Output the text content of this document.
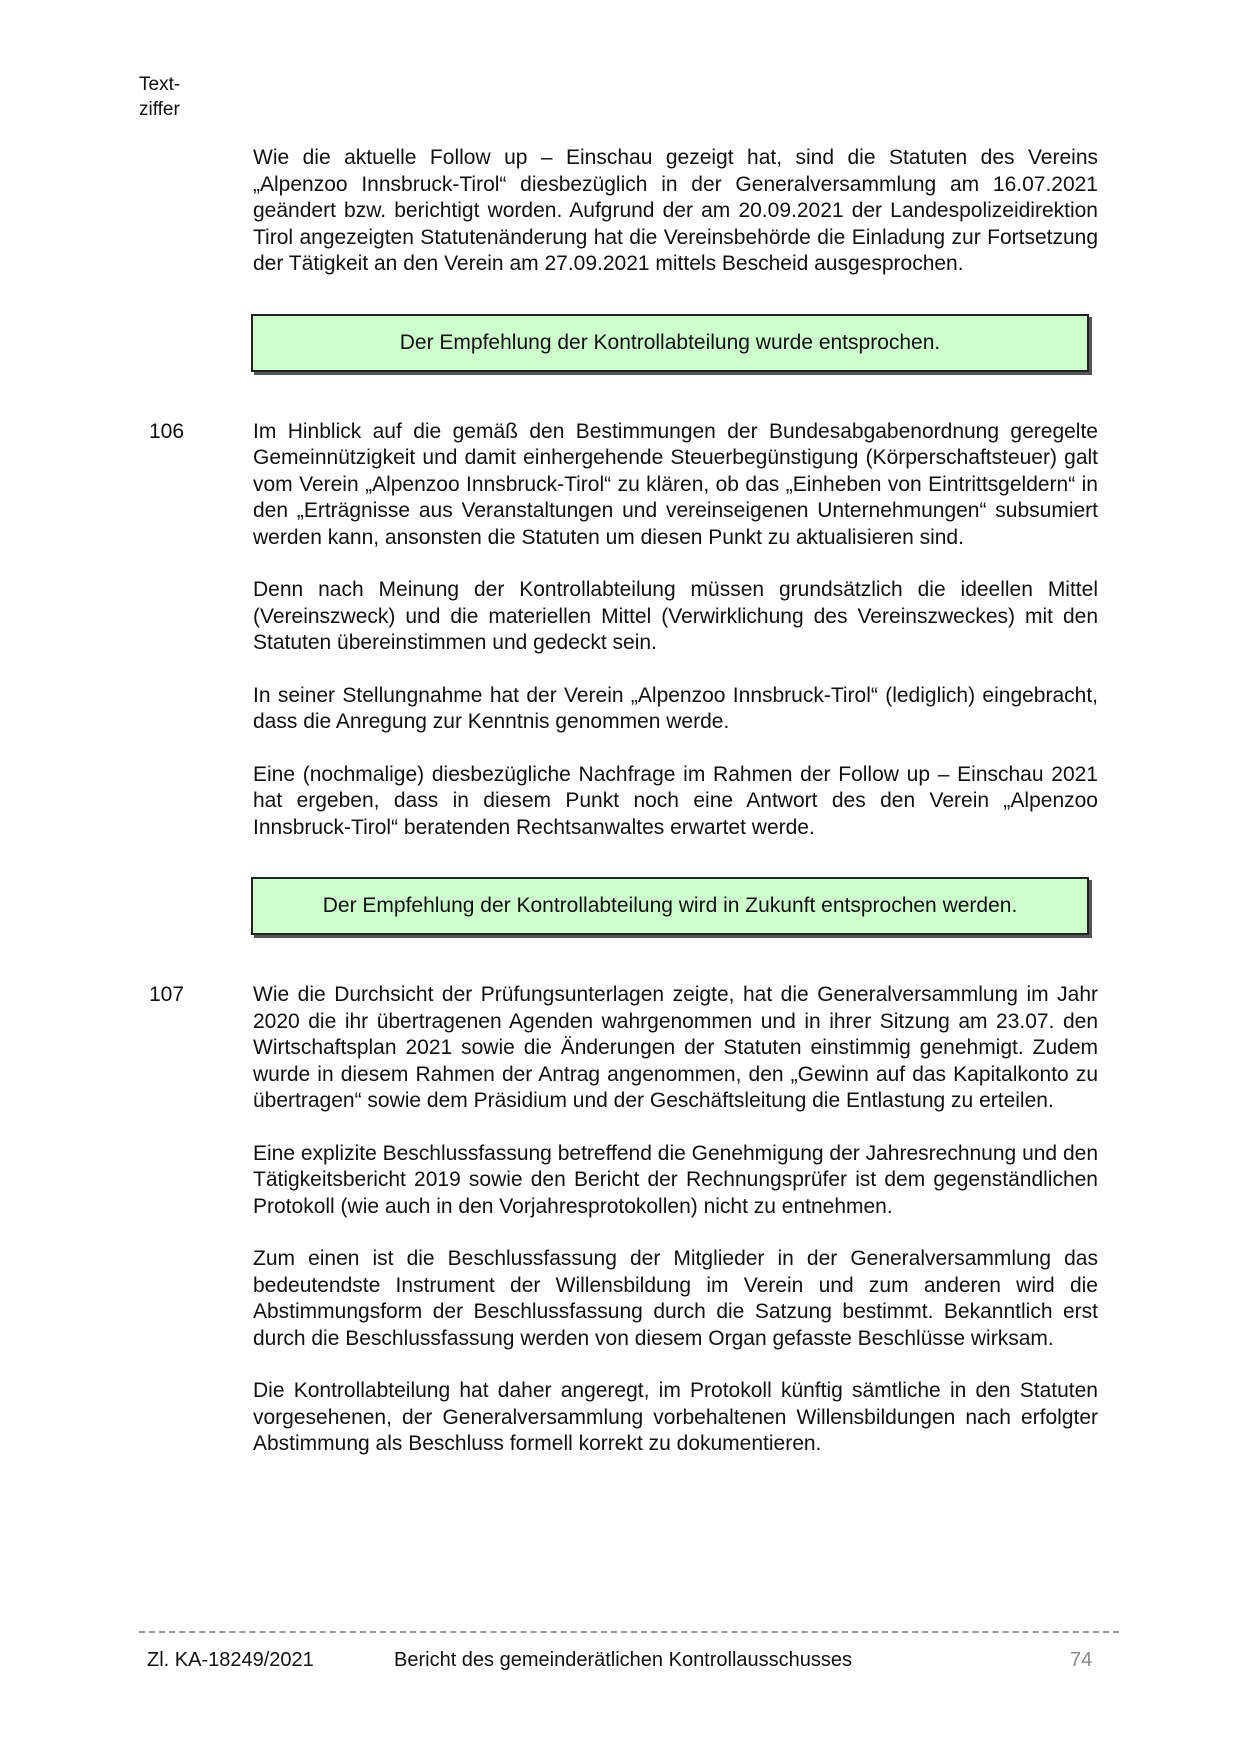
Text-
ziffer

Wie die aktuelle Follow up – Einschau gezeigt hat, sind die Statuten des Vereins „Alpenzoo Innsbruck-Tirol“ diesbezüglich in der Generalversammlung am 16.07.2021 geändert bzw. berichtigt worden. Aufgrund der am 20.09.2021 der Landespolizeidirektion Tirol angezeigten Statutenänderung hat die Vereinsbehörde die Einladung zur Fortsetzung der Tätigkeit an den Verein am 27.09.2021 mittels Bescheid ausgesprochen.

Der Empfehlung der Kontrollabteilung wurde entsprochen.
106	Im Hinblick auf die gemäß den Bestimmungen der Bundesabgabenordnung geregelte Gemeinnützigkeit und damit einhergehende Steuerbegünstigung (Körperschaftsteuer) galt vom Verein „Alpenzoo Innsbruck-Tirol“ zu klären, ob das „Einheben von Eintrittsgeldern“ in den „Erträgnisse aus Veranstaltungen und vereinseigenen Unternehmungen“ subsumiert werden kann, ansonsten die Statuten um diesen Punkt zu aktualisieren sind.

Denn nach Meinung der Kontrollabteilung müssen grundsätzlich die ideellen Mittel (Vereinszweck) und die materiellen Mittel (Verwirklichung des Vereinszweckes) mit den Statuten übereinstimmen und gedeckt sein.

In seiner Stellungnahme hat der Verein „Alpenzoo Innsbruck-Tirol“ (lediglich) eingebracht, dass die Anregung zur Kenntnis genommen werde.

Eine (nochmalige) diesbezügliche Nachfrage im Rahmen der Follow up – Einschau 2021 hat ergeben, dass in diesem Punkt noch eine Antwort des den Verein „Alpenzoo Innsbruck-Tirol“ beratenden Rechtsanwaltes erwartet werde.

Der Empfehlung der Kontrollabteilung wird in Zukunft entsprochen werden.
107	Wie die Durchsicht der Prüfungsunterlagen zeigte, hat die Generalversammlung im Jahr 2020 die ihr übertragenen Agenden wahrgenommen und in ihrer Sitzung am 23.07. den Wirtschaftsplan 2021 sowie die Änderungen der Statuten einstimmig genehmigt. Zudem wurde in diesem Rahmen der Antrag angenommen, den „Gewinn auf das Kapitalkonto zu übertragen“ sowie dem Präsidium und der Geschäftsleitung die Entlastung zu erteilen.

Eine explizite Beschlussfassung betreffend die Genehmigung der Jahresrechnung und den Tätigkeitsbericht 2019 sowie den Bericht der Rechnungsprüfer ist dem gegenständlichen Protokoll (wie auch in den Vorjahresprotokollen) nicht zu entnehmen.

Zum einen ist die Beschlussfassung der Mitglieder in der Generalversammlung das bedeutendste Instrument der Willensbildung im Verein und zum anderen wird die Abstimmungsform der Beschlussfassung durch die Satzung bestimmt. Bekanntlich erst durch die Beschlussfassung werden von diesem Organ gefasste Beschlüsse wirksam.

Die Kontrollabteilung hat daher angeregt, im Protokoll künftig sämtliche in den Statuten vorgesehenen, der Generalversammlung vorbehaltenen Willensbildungen nach erfolgter Abstimmung als Beschluss formell korrekt zu dokumentieren.

Zl. KA-18249/2021	Bericht des gemeinderätlichen Kontrollausschusses	74
